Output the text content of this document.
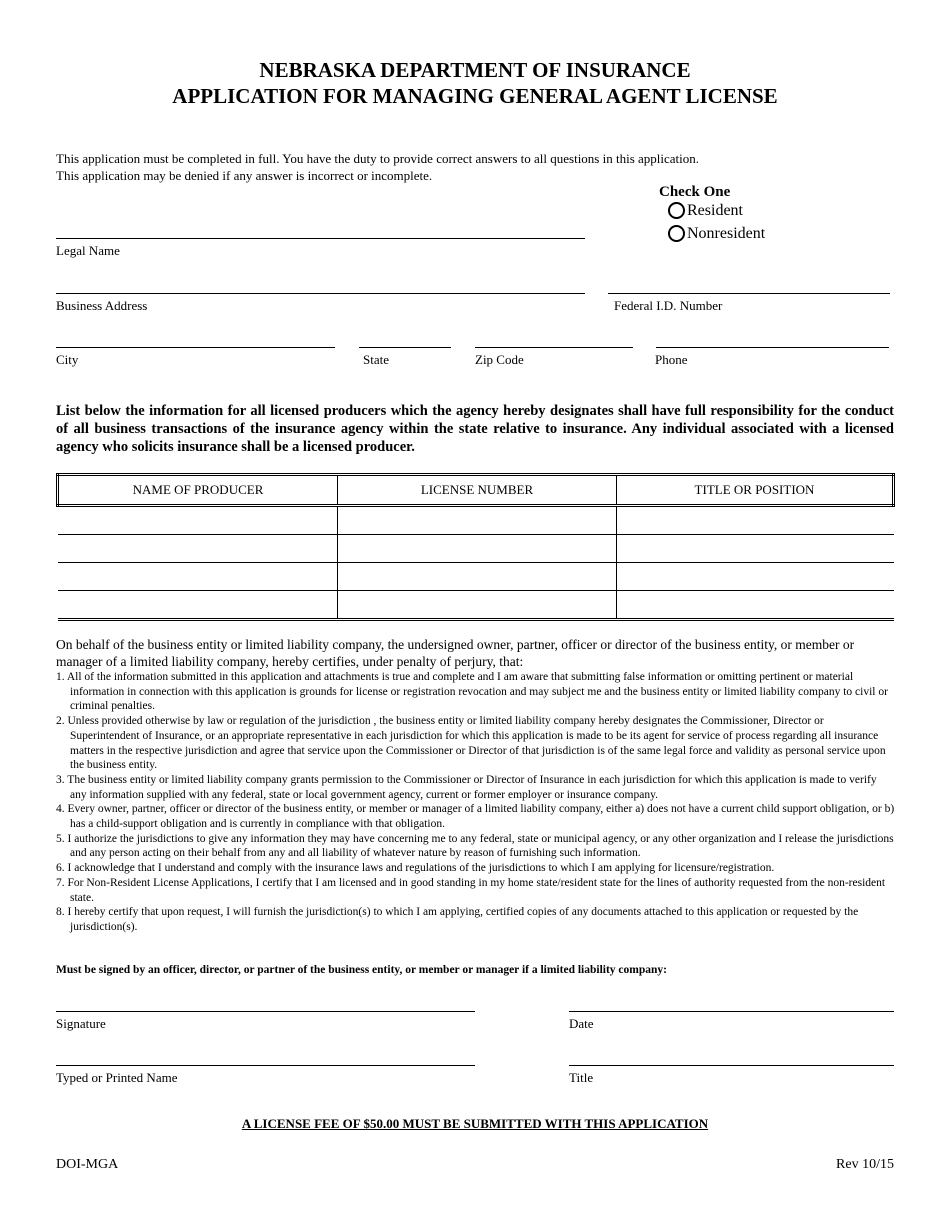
NEBRASKA DEPARTMENT OF INSURANCE
APPLICATION FOR MANAGING GENERAL AGENT LICENSE
This application must be completed in full. You have the duty to provide correct answers to all questions in this application.
This application may be denied if any answer is incorrect or incomplete.
Check One
Resident
Nonresident
Legal Name
Business Address	Federal I.D. Number
City	State	Zip Code	Phone
List below the information for all licensed producers which the agency hereby designates shall have full responsibility for the conduct of all business transactions of the insurance agency within the state relative to insurance. Any individual associated with a licensed agency who solicits insurance shall be a licensed producer.
NAME OF PRODUCER	LICENSE NUMBER	TITLE OR POSITION

On behalf of the business entity or limited liability company, the undersigned owner, partner, officer or director of the business entity, or member or manager of a limited liability company, hereby certifies, under penalty of perjury, that:
1. All of the information submitted in this application and attachments is true and complete and I am aware that submitting false information or omitting pertinent or material information in connection with this application is grounds for license or registration revocation and may subject me and the business entity or limited liability company to civil or criminal penalties.
2. Unless provided otherwise by law or regulation of the jurisdiction , the business entity or limited liability company hereby designates the Commissioner, Director or Superintendent of Insurance, or an appropriate representative in each jurisdiction for which this application is made to be its agent for service of process regarding all insurance matters in the respective jurisdiction and agree that service upon the Commissioner or Director of that jurisdiction is of the same legal force and validity as personal service upon the business entity.
3. The business entity or limited liability company grants permission to the Commissioner or Director of Insurance in each jurisdiction for which this application is made to verify any information supplied with any federal, state or local government agency, current or former employer or insurance company.
4. Every owner, partner, officer or director of the business entity, or member or manager of a limited liability company, either a) does not have a current child support obligation, or b) has a child-support obligation and is currently in compliance with that obligation.
5. I authorize the jurisdictions to give any information they may have concerning me to any federal, state or municipal agency, or any other organization and I release the jurisdictions and any person acting on their behalf from any and all liability of whatever nature by reason of furnishing such information.
6. I acknowledge that I understand and comply with the insurance laws and regulations of the jurisdictions to which I am applying for licensure/registration.
7. For Non-Resident License Applications, I certify that I am licensed and in good standing in my home state/resident state for the lines of authority requested from the non-resident state.
8. I hereby certify that upon request, I will furnish the jurisdiction(s) to which I am applying, certified copies of any documents attached to this application or requested by the jurisdiction(s).
Must be signed by an officer, director, or partner of the business entity, or member or manager if a limited liability company:
Signature	Date
Typed or Printed Name	Title
A LICENSE FEE OF $50.00 MUST BE SUBMITTED WITH THIS APPLICATION
DOI-MGA	Rev 10/15
